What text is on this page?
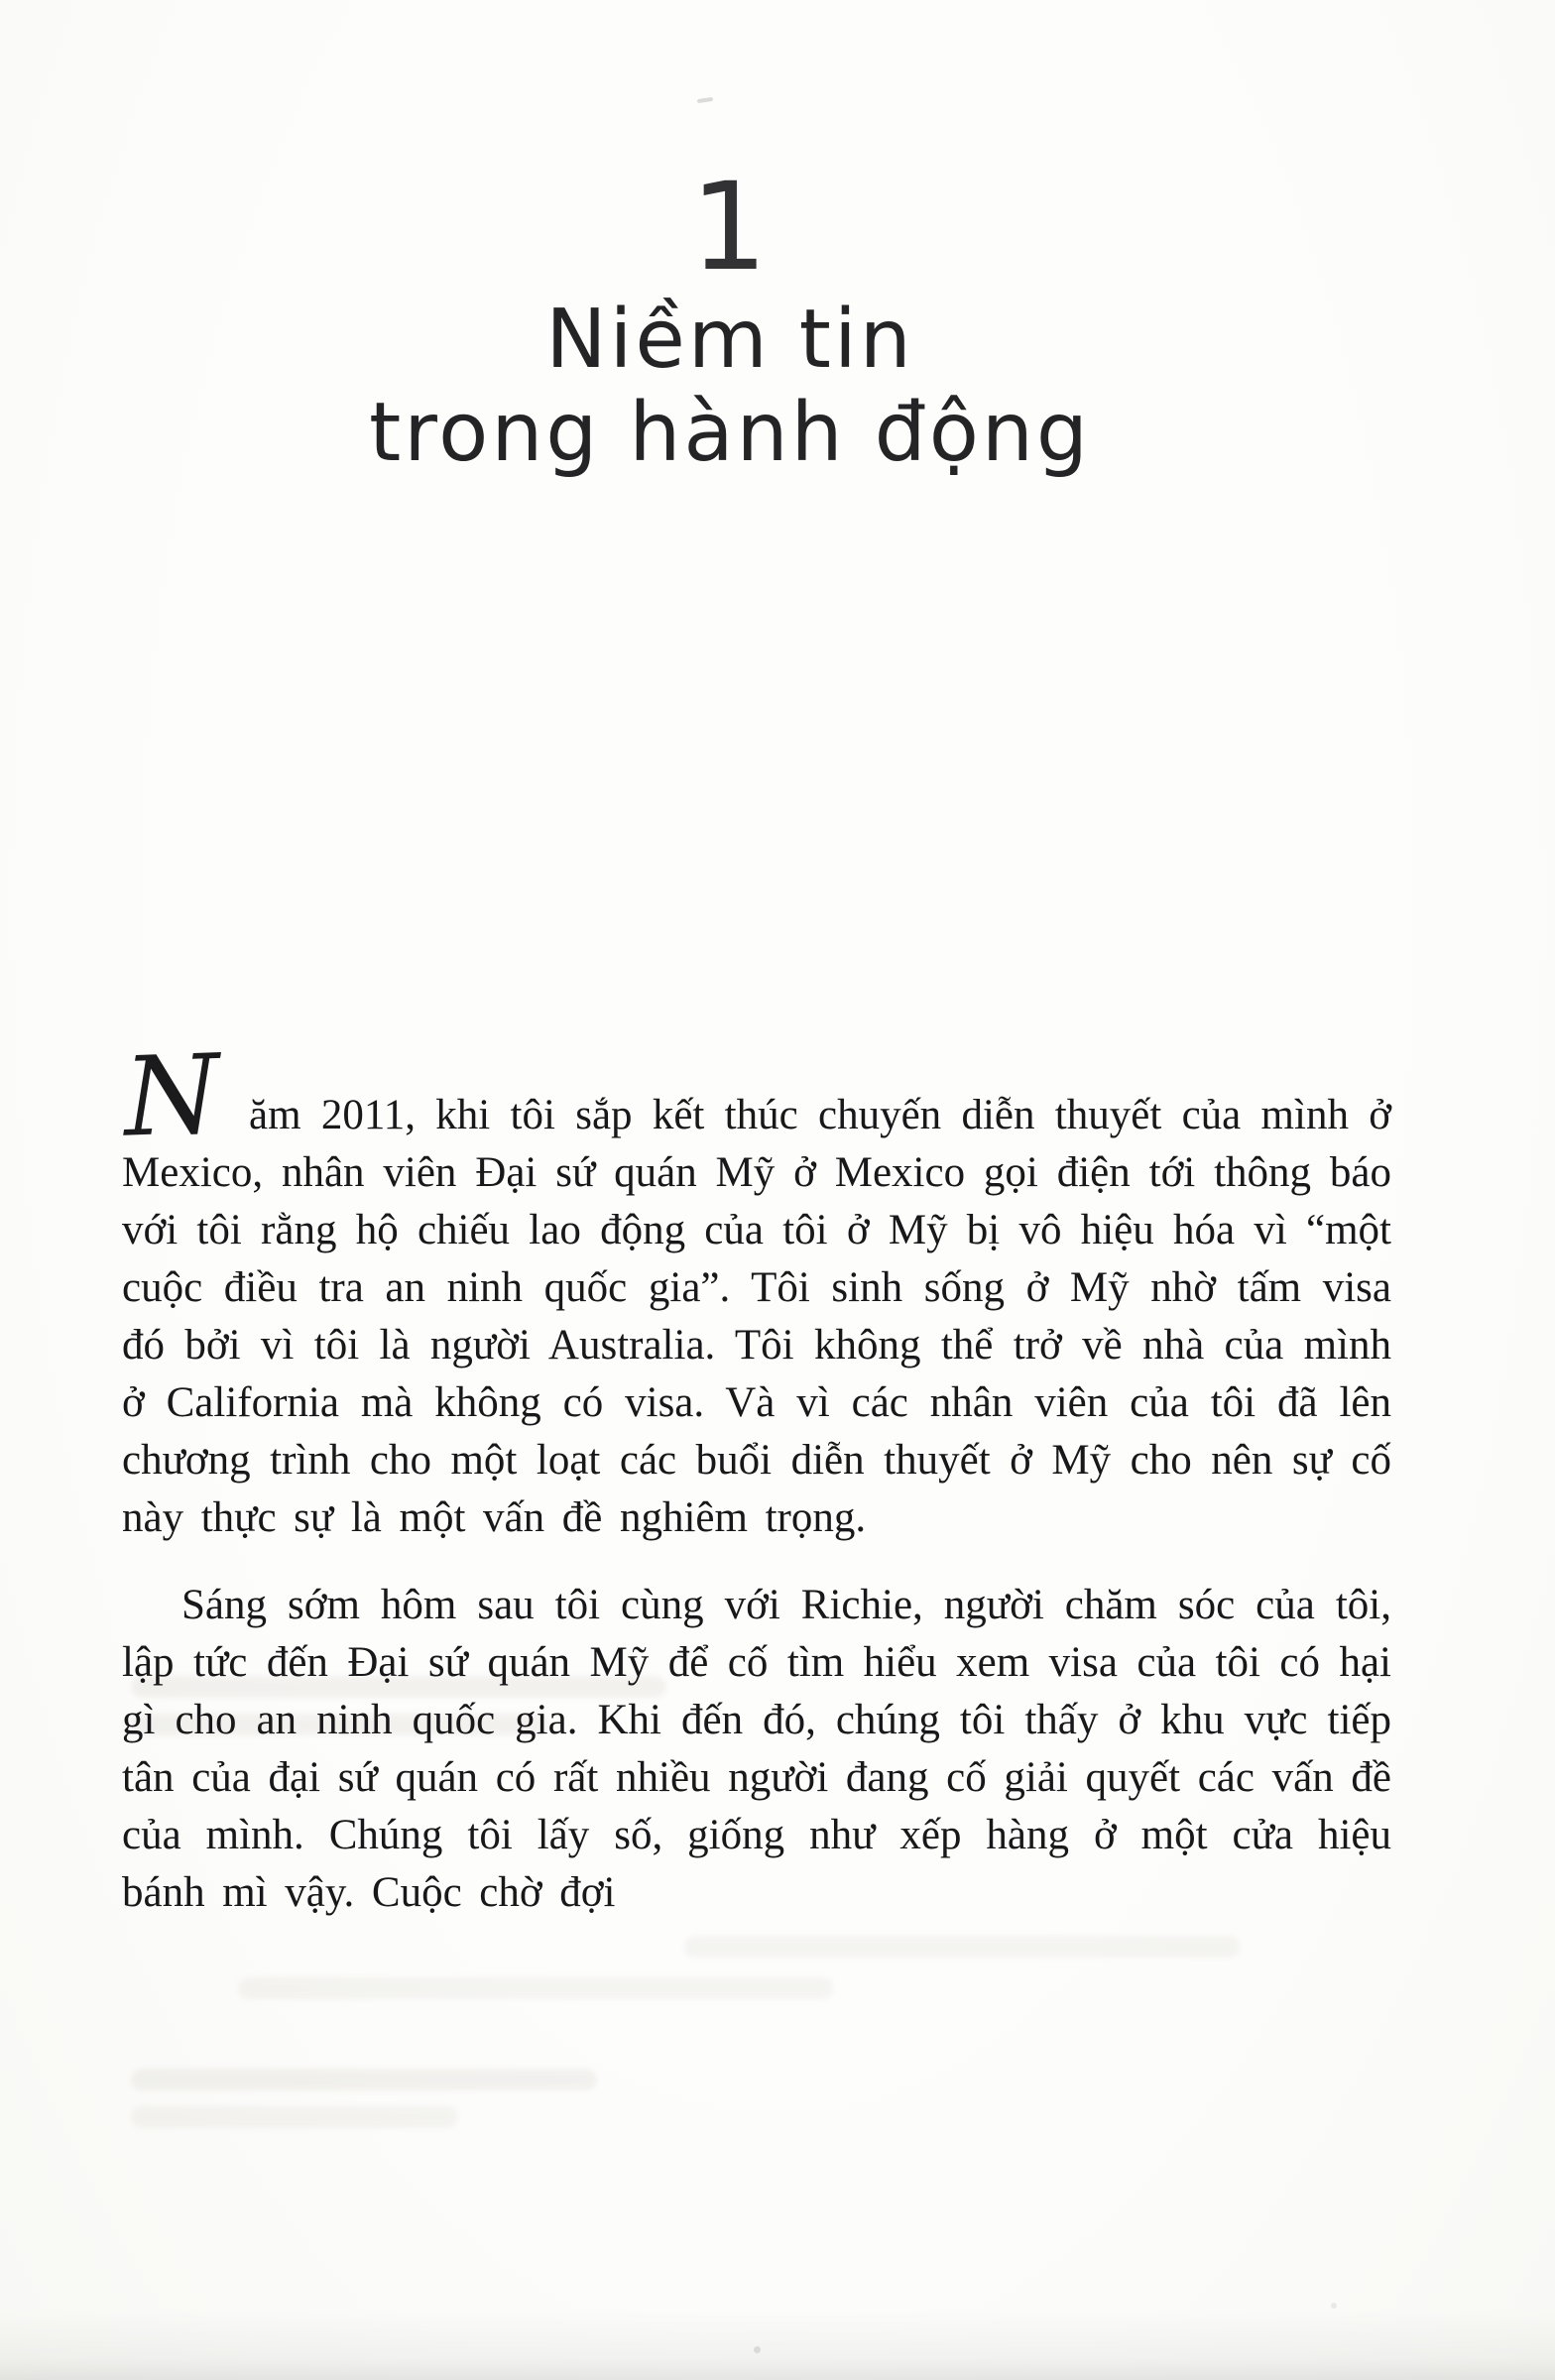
1
Niềm tin
trong hành động

N ăm 2011, khi tôi sắp kết thúc chuyến diễn thuyết của mình ở Mexico, nhân viên Đại sứ quán Mỹ ở Mexico gọi điện tới thông báo với tôi rằng hộ chiếu lao động của tôi ở Mỹ bị vô hiệu hóa vì “một cuộc điều tra an ninh quốc gia”. Tôi sinh sống ở Mỹ nhờ tấm visa đó bởi vì tôi là người Australia. Tôi không thể trở về nhà của mình ở California mà không có visa. Và vì các nhân viên của tôi đã lên chương trình cho một loạt các buổi diễn thuyết ở Mỹ cho nên sự cố này thực sự là một vấn đề nghiêm trọng.

Sáng sớm hôm sau tôi cùng với Richie, người chăm sóc của tôi, lập tức đến Đại sứ quán Mỹ để cố tìm hiểu xem visa của tôi có hại gì cho an ninh quốc gia. Khi đến đó, chúng tôi thấy ở khu vực tiếp tân của đại sứ quán có rất nhiều người đang cố giải quyết các vấn đề của mình. Chúng tôi lấy số, giống như xếp hàng ở một cửa hiệu bánh mì vậy. Cuộc chờ đợi
